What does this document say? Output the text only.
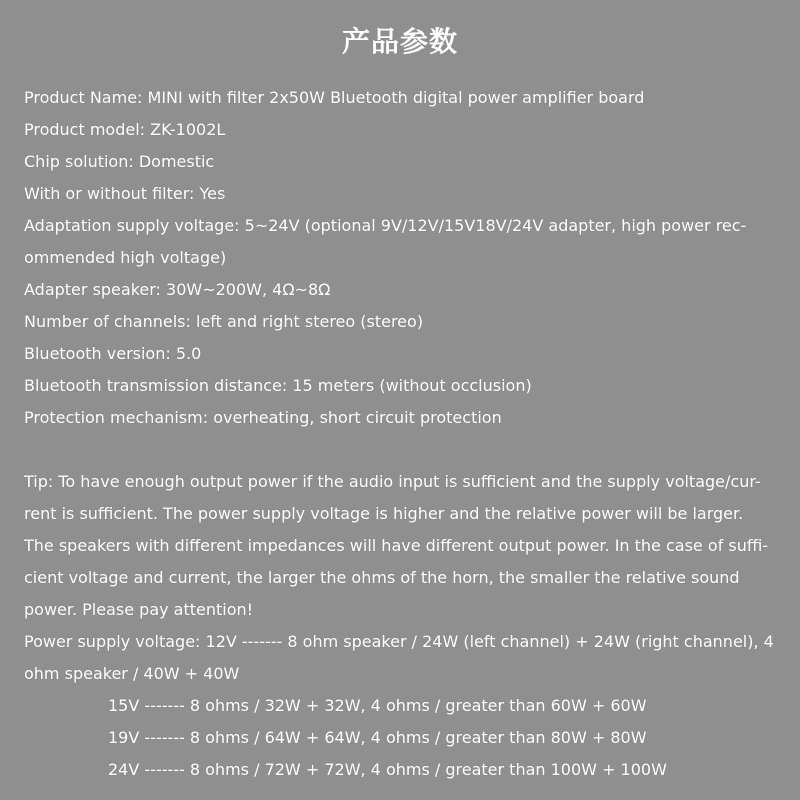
产品参数
Product Name: MINI with filter 2x50W Bluetooth digital power amplifier board
Product model: ZK-1002L
Chip solution: Domestic
With or without filter: Yes
Adaptation supply voltage: 5~24V (optional 9V/12V/15V18V/24V adapter, high power rec-
ommended high voltage)
Adapter speaker: 30W~200W, 4Ω~8Ω
Number of channels: left and right stereo (stereo)
Bluetooth version: 5.0
Bluetooth transmission distance: 15 meters (without occlusion)
Protection mechanism: overheating, short circuit protection
Tip: To have enough output power if the audio input is sufficient and the supply voltage/cur-
rent is sufficient. The power supply voltage is higher and the relative power will be larger.
The speakers with different impedances will have different output power. In the case of suffi-
cient voltage and current, the larger the ohms of the horn, the smaller the relative sound
power. Please pay attention!
Power supply voltage: 12V ------- 8 ohm speaker / 24W (left channel) + 24W (right channel), 4
ohm speaker / 40W + 40W
15V ------- 8 ohms / 32W + 32W, 4 ohms / greater than 60W + 60W
19V ------- 8 ohms / 64W + 64W, 4 ohms / greater than 80W + 80W
24V ------- 8 ohms / 72W + 72W, 4 ohms / greater than 100W + 100W
